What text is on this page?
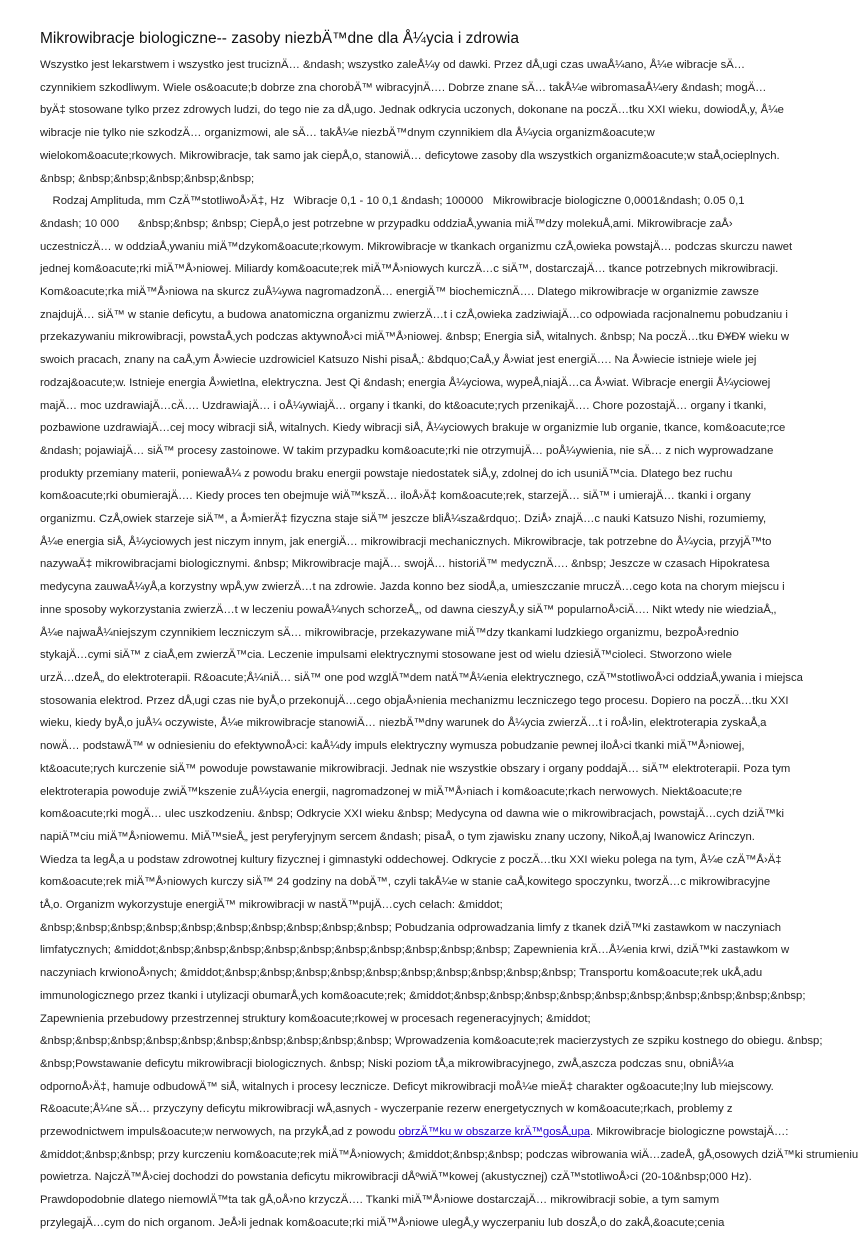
Mikrowibracje biologiczne-- zasoby niezbÄ™dne dla Å¼ycia i zdrowia
Wszystko jest lekarstwem i wszystko jest truciznÄ… &ndash; wszystko zaleÅ¼y od dawki. Przez dÅ‚ugi czas uwaÅ¼ano, Å¼e wibracje sÄ…
czynnikiem szkodliwym. Wiele os&oacute;b dobrze zna chorobÄ™ wibracyjnÄ…. Dobrze znane sÄ… takÅ¼e wibromasaÅ¼ery &ndash; mogÄ…
byÄ‡ stosowane tylko przez zdrowych ludzi, do tego nie za dÅ‚ugo. Jednak odkrycia uczonych, dokonane na poczÄ…tku XXI wieku, dowiodÅ‚y, Å¼e
wibracje nie tylko nie szkodzÄ… organizmowi, ale sÄ… takÅ¼e niezbÄ™dnym czynnikiem dla Å¼ycia organizm&oacute;w
wielokom&oacute;rkowych. Mikrowibracje, tak samo jak ciepÅ‚o, stanowiÄ… deficytowe zasoby dla wszystkich organizm&oacute;w staÅ‚ocieplnych.
&nbsp; &nbsp;&nbsp;&nbsp;&nbsp;&nbsp;
Rodzaj Amplituda, mm CzÄ™stotliwoÅ›Ä‡, Hz   Wibracje 0,1 - 10 0,1 &ndash; 100000   Mikrowibracje biologiczne 0,0001&ndash; 0.05 0,1
&ndash; 10 000      &nbsp;&nbsp; &nbsp; CiepÅ‚o jest potrzebne w przypadku oddziaÅ‚ywania miÄ™dzy molekuÅ‚ami. Mikrowibracje zaÅ›
uczestniczÄ… w oddziaÅ‚ywaniu miÄ™dzykom&oacute;rkowym. Mikrowibracje w tkankach organizmu czÅ‚owieka powstajÄ… podczas skurczu nawet
jednej kom&oacute;rki miÄ™Å›niowej. Miliardy kom&oacute;rek miÄ™Å›niowych kurczÄ…c siÄ™, dostarczajÄ… tkance potrzebnych mikrowibracji.
Kom&oacute;rka miÄ™Å›niowa na skurcz zuÅ¼ywa nagromadzonÄ… energiÄ™ biochemicznÄ…. Dlatego mikrowibracje w organizmie zawsze
znajdujÄ… siÄ™ w stanie deficytu, a budowa anatomiczna organizmu zwierzÄ…t i czÅ‚owieka zadziwiajÄ…co odpowiada racjonalnemu pobudzaniu i
przekazywaniu mikrowibracji, powstaÅ‚ych podczas aktywnoÅ›ci miÄ™Å›niowej. &nbsp; Energia siÅ‚ witalnych. &nbsp; Na poczÄ…tku Ð¥Ð¥ wieku w
swoich pracach, znany na caÅ‚ym Å›wiecie uzdrowiciel Katsuzo Nishi pisaÅ‚: &bdquo;CaÅ‚y Å›wiat jest energiÄ…. Na Å›wiecie istnieje wiele jej
rodzaj&oacute;w. Istnieje energia Å›wietlna, elektryczna. Jest Qi &ndash; energia Å¼yciowa, wypeÅ‚niajÄ…ca Å›wiat. Wibracje energii Å¼yciowej
majÄ… moc uzdrawiajÄ…cÄ…. UzdrawiajÄ… i oÅ¼ywiajÄ… organy i tkanki, do kt&oacute;rych przenikajÄ…. Chore pozostajÄ… organy i tkanki,
pozbawione uzdrawiajÄ…cej mocy wibracji siÅ‚ witalnych. Kiedy wibracji siÅ‚ Å¼yciowych brakuje w organizmie lub organie, tkance, kom&oacute;rce
&ndash; pojawiajÄ… siÄ™ procesy zastoinowe. W takim przypadku kom&oacute;rki nie otrzymujÄ… poÅ¼ywienia, nie sÄ… z nich wyprowadzane
produkty przemiany materii, poniewaÅ¼ z powodu braku energii powstaje niedostatek siÅ‚y, zdolnej do ich usuniÄ™cia. Dlatego bez ruchu
kom&oacute;rki obumierajÄ…. Kiedy proces ten obejmuje wiÄ™kszÄ… iloÅ›Ä‡ kom&oacute;rek, starzejÄ… siÄ™ i umierajÄ… tkanki i organy
organizmu. CzÅ‚owiek starzeje siÄ™, a Å›mierÄ‡ fizyczna staje siÄ™ jeszcze bliÅ¼sza&rdquo;. DziÅ› znajÄ…c nauki Katsuzo Nishi, rozumiemy,
Å¼e energia siÅ‚ Å¼yciowych jest niczym innym, jak energiÄ… mikrowibracji mechanicznych. Mikrowibracje, tak potrzebne do Å¼ycia, przyjÄ™to
nazywaÄ‡ mikrowibracjami biologicznymi. &nbsp; Mikrowibracje majÄ… swojÄ… historiÄ™ medycznÄ…. &nbsp; Jeszcze w czasach Hipokratesa
medycyna zauwaÅ¼yÅ‚a korzystny wpÅ‚yw zwierzÄ…t na zdrowie. Jazda konno bez siodÅ‚a, umieszczanie mruczÄ…cego kota na chorym miejscu i
inne sposoby wykorzystania zwierzÄ…t w leczeniu powaÅ¼nych schorzeÅ„, od dawna cieszyÅ‚y siÄ™ popularnoÅ›ciÄ…. Nikt wtedy nie wiedziaÅ‚,
Å¼e najwaÅ¼niejszym czynnikiem leczniczym sÄ… mikrowibracje, przekazywane miÄ™dzy tkankami ludzkiego organizmu, bezpoÅ›rednio
stykajÄ…cymi siÄ™ z ciaÅ‚em zwierzÄ™cia. Leczenie impulsami elektrycznymi stosowane jest od wielu dziesiÄ™cioleci. Stworzono wiele
urzÄ…dzeÅ„ do elektroterapii. R&oacute;Å¼niÄ… siÄ™ one pod wzglÄ™dem natÄ™Å¼enia elektrycznego, czÄ™stotliwoÅ›ci oddziaÅ‚ywania i miejsca
stosowania elektrod. Przez dÅ‚ugi czas nie byÅ‚o przekonujÄ…cego objaÅ›nienia mechanizmu leczniczego tego procesu. Dopiero na poczÄ…tku XXI
wieku, kiedy byÅ‚o juÅ¼ oczywiste, Å¼e mikrowibracje stanowiÄ… niezbÄ™dny warunek do Å¼ycia zwierzÄ…t i roÅ›lin, elektroterapia zyskaÅ‚a
nowÄ… podstawÄ™ w odniesieniu do efektywnoÅ›ci: kaÅ¼dy impuls elektryczny wymusza pobudzanie pewnej iloÅ›ci tkanki miÄ™Å›niowej,
kt&oacute;rych kurczenie siÄ™ powoduje powstawanie mikrowibracji. Jednak nie wszystkie obszary i organy poddajÄ… siÄ™ elektroterapii. Poza tym
elektroterapia powoduje zwiÄ™kszenie zuÅ¼ycia energii, nagromadzonej w miÄ™Å›niach i kom&oacute;rkach nerwowych. Niekt&oacute;re
kom&oacute;rki mogÄ… ulec uszkodzeniu. &nbsp; Odkrycie XXI wieku &nbsp; Medycyna od dawna wie o mikrowibracjach, powstajÄ…cych dziÄ™ki
napiÄ™ciu miÄ™Å›niowemu. MiÄ™sieÅ„ jest peryferyjnym sercem &ndash; pisaÅ‚ o tym zjawisku znany uczony, NikoÅ‚aj Iwanowicz Arinczyn.
Wiedza ta legÅ‚a u podstaw zdrowotnej kultury fizycznej i gimnastyki oddechowej. Odkrycie z poczÄ…tku XXI wieku polega na tym, Å¼e czÄ™Å›Ä‡
kom&oacute;rek miÄ™Å›niowych kurczy siÄ™ 24 godziny na dobÄ™, czyli takÅ¼e w stanie caÅ‚kowitego spoczynku, tworzÄ…c mikrowibracyjne
tÅ‚o. Organizm wykorzystuje energiÄ™ mikrowibracji w nastÄ™pujÄ…cych celach: &middot;
&nbsp;&nbsp;&nbsp;&nbsp;&nbsp;&nbsp;&nbsp;&nbsp;&nbsp;&nbsp; Pobudzania odprowadzania limfy z tkanek dziÄ™ki zastawkom w naczyniach
limfatycznych; &middot;&nbsp;&nbsp;&nbsp;&nbsp;&nbsp;&nbsp;&nbsp;&nbsp;&nbsp;&nbsp; Zapewnienia krÄ…Å¼enia krwi, dziÄ™ki zastawkom w
naczyniach krwionoÅ›nych; &middot;&nbsp;&nbsp;&nbsp;&nbsp;&nbsp;&nbsp;&nbsp;&nbsp;&nbsp;&nbsp; Transportu kom&oacute;rek ukÅ‚adu
immunologicznego przez tkanki i utylizacji obumarÅ‚ych kom&oacute;rek; &middot;&nbsp;&nbsp;&nbsp;&nbsp;&nbsp;&nbsp;&nbsp;&nbsp;&nbsp;&nbsp;
Zapewnienia przebudowy przestrzennej struktury kom&oacute;rkowej w procesach regeneracyjnych; &middot;
&nbsp;&nbsp;&nbsp;&nbsp;&nbsp;&nbsp;&nbsp;&nbsp;&nbsp;&nbsp; Wprowadzenia kom&oacute;rek macierzystych ze szpiku kostnego do obiegu. &nbsp;
&nbsp;Powstawanie deficytu mikrowibracji biologicznych. &nbsp; Niski poziom tÅ‚a mikrowibracyjnego, zwÅ‚aszcza podczas snu, obniÅ¼a
odpornoÅ›Ä‡, hamuje odbudowÄ™ siÅ‚ witalnych i procesy lecznicze. Deficyt mikrowibracji moÅ¼e mieÄ‡ charakter og&oacute;lny lub miejscowy.
R&oacute;Å¼ne sÄ… przyczyny deficytu mikrowibracji wÅ‚asnych - wyczerpanie rezerw energetycznych w kom&oacute;rkach, problemy z
przewodnictwem impuls&oacute;w nerwowych, na przykÅ‚ad z powodu obrzÄ™ku w obszarze krÄ™gosÅ‚upa. Mikrowibracje biologiczne powstajÄ…:
&middot;&nbsp;&nbsp; przy kurczeniu kom&oacute;rek miÄ™Å›niowych; &middot;&nbsp;&nbsp; podczas wibrowania wiÄ…zadeÅ‚ gÅ‚osowych dziÄ™ki strumieniu
powietrza. NajczÄ™Å›ciej dochodzi do powstania deficytu mikrowibracji dÅºwiÄ™kowej (akustycznej) czÄ™stotliwoÅ›ci (20-10&nbsp;000 Hz).
Prawdopodobnie dlatego niemowlÄ™ta tak gÅ‚oÅ›no krzyczÄ…. Tkanki miÄ™Å›niowe dostarczajÄ… mikrowibracji sobie, a tym samym
przylegajÄ…cym do nich organom. JeÅ›li jednak kom&oacute;rki miÄ™Å›niowe ulegÅ‚y wyczerpaniu lub doszÅ‚o do zakÅ‚&oacute;cenia
